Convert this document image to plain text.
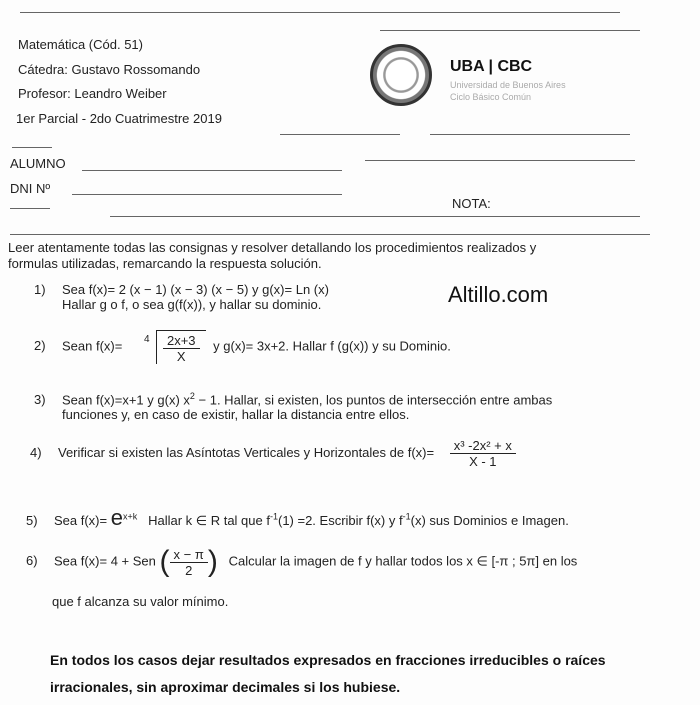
Matemática (Cód. 51)
Cátedra: Gustavo Rossomando
Profesor: Leandro Weiber
1er Parcial - 2do Cuatrimestre 2019
UBA | CBC
Universidad de Buenos Aires
Ciclo Básico Común
ALUMNO
DNI Nº
NOTA:
Leer atentamente todas las consignas y resolver detallando los procedimientos realizados y
formulas utilizadas, remarcando la respuesta solución.
Altillo.com
1) Sea f(x)= 2 (x − 1) (x − 3) (x − 5) y g(x)= Ln (x)
Hallar g o f, o sea g(f(x)), y hallar su dominio.
2) Sean $f(x)= 4 \frac{2x+3}{X}$ y g(x)= 3x+2. Hallar f (g(x)) y su Dominio.
3) Sean f(x)=x+1 y g(x) $x^2 - 1$. Hallar, si existen, los puntos de intersección entre ambas
funciones y, en caso de existir, hallar la distancia entre ellos.
4) Verificar si existen las Asíntotas Verticales y Horizontales de $f(x)= \frac{\text{x³ -2x² + x}}{X - 1}$
5) Sea $f(x)= e^{x+k}$ Hallar k ∈ R tal que $f^{-1}(1) =2$. Escribir f(x) y $f^{-1}(x)$ sus Dominios e Imagen.
6) Sea f(x)= 4 + Sen ( $\frac{x - \pi}{2}$ ) Calcular la imagen de f y hallar todos los x ∈ [-π ; 5π] en los
que f alcanza su valor mínimo.
En todos los casos dejar resultados expresados en fracciones irreducibles o raíces
irracionales, sin aproximar decimales si los hubiese.
